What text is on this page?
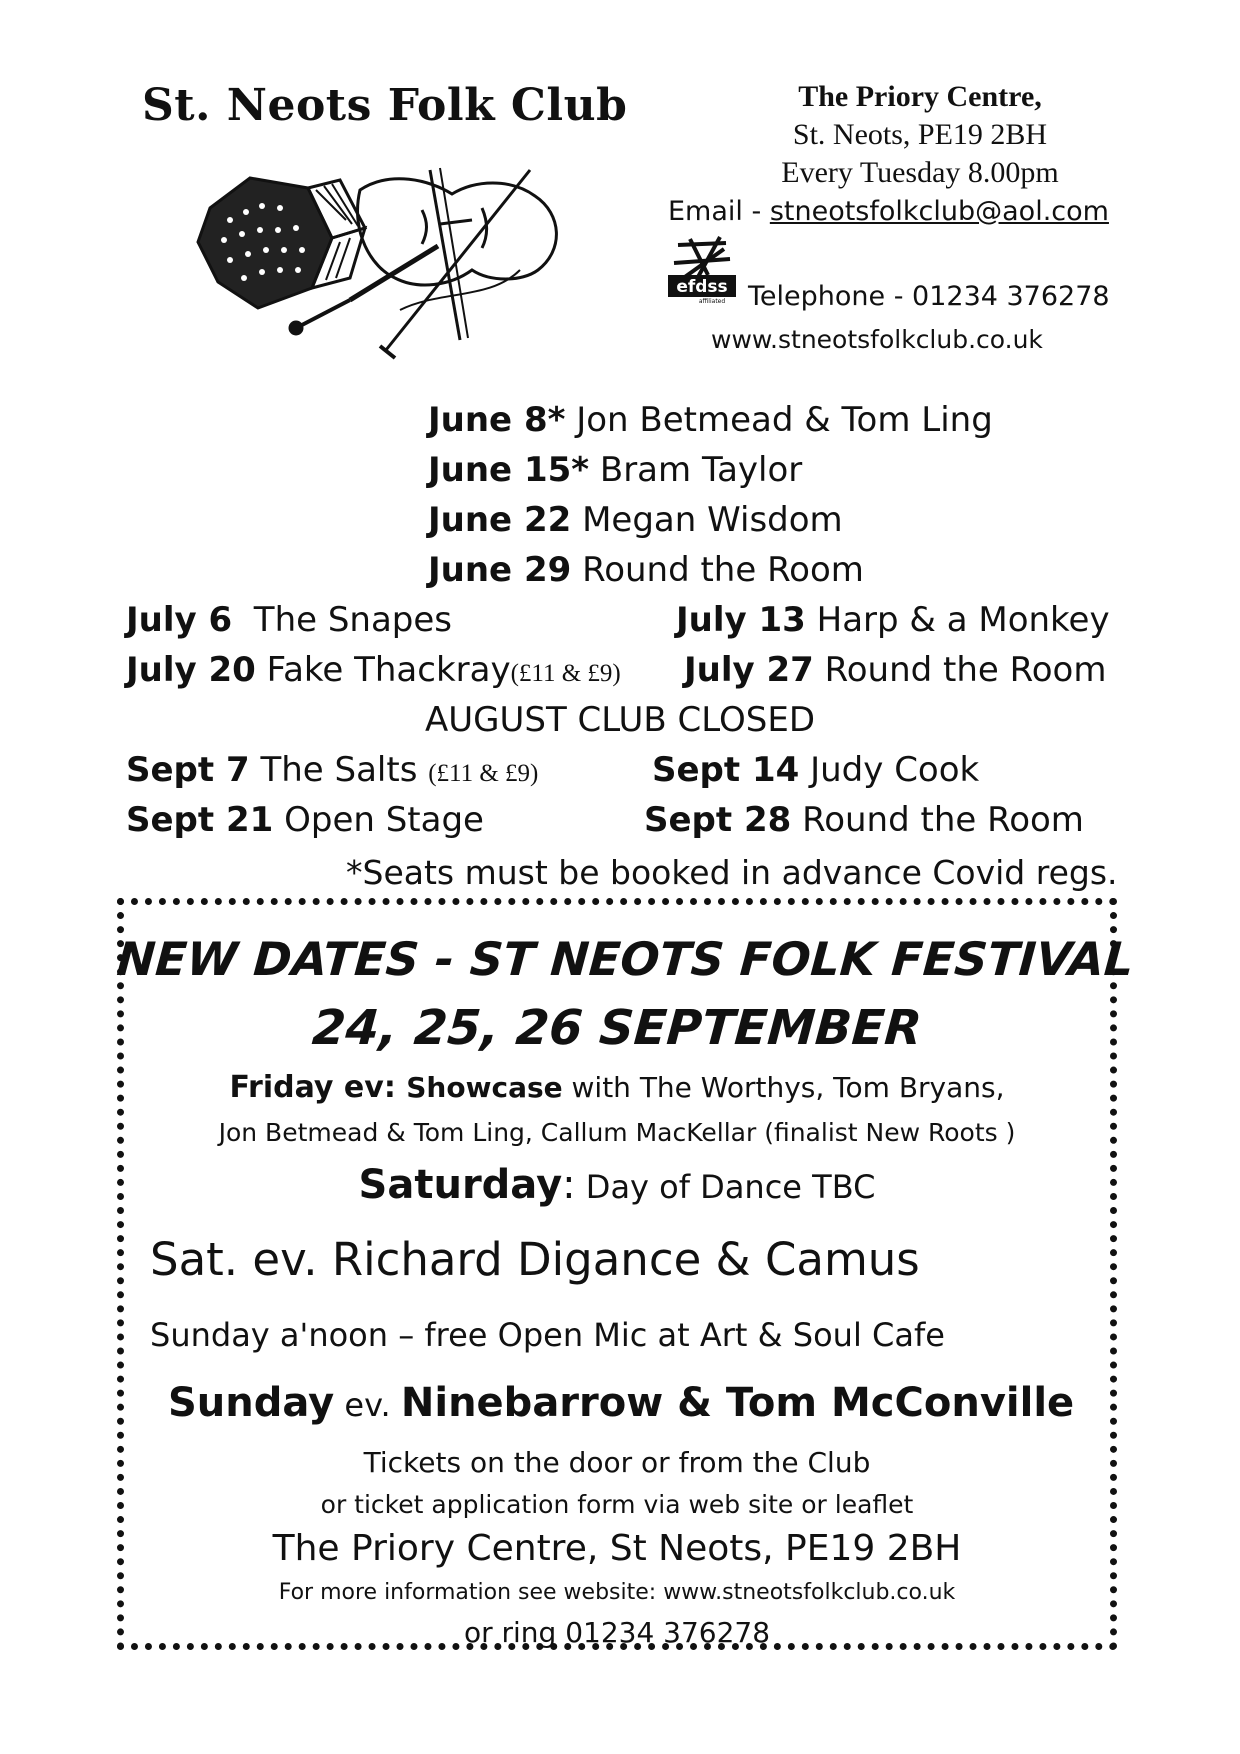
St. Neots Folk Club	The Priory Centre,
St. Neots, PE19 2BH
Every Tuesday 8.00pm
Email - stneotsfolkclub@aol.com
efdss
affiliated Telephone - 01234 376278
www.stneotsfolkclub.co.uk
June 8* Jon Betmead & Tom Ling
June 15* Bram Taylor
June 22 Megan Wisdom
June 29 Round the Room
July 6 The Snapes	July 13 Harp & a Monkey
July 20 Fake Thackray(£11 & £9) July 27 Round the Room
AUGUST CLUB CLOSED
Sept 7 The Salts (£11 & £9)	Sept 14 Judy Cook
Sept 21 Open Stage	Sept 28 Round the Room
*Seats must be booked in advance Covid regs.
NEW DATES - ST NEOTS FOLK FESTIVAL
24, 25, 26 SEPTEMBER
Friday ev: Showcase with The Worthys, Tom Bryans,
Jon Betmead & Tom Ling, Callum MacKellar (finalist New Roots )
Saturday: Day of Dance TBC
Sat. ev. Richard Digance & Camus
Sunday a'noon – free Open Mic at Art & Soul Cafe
Sunday ev. Ninebarrow & Tom McConville
Tickets on the door or from the Club
or ticket application form via web site or leaflet
The Priory Centre, St Neots, PE19 2BH
For more information see website: www.stneotsfolkclub.co.uk
or ring 01234 376278
